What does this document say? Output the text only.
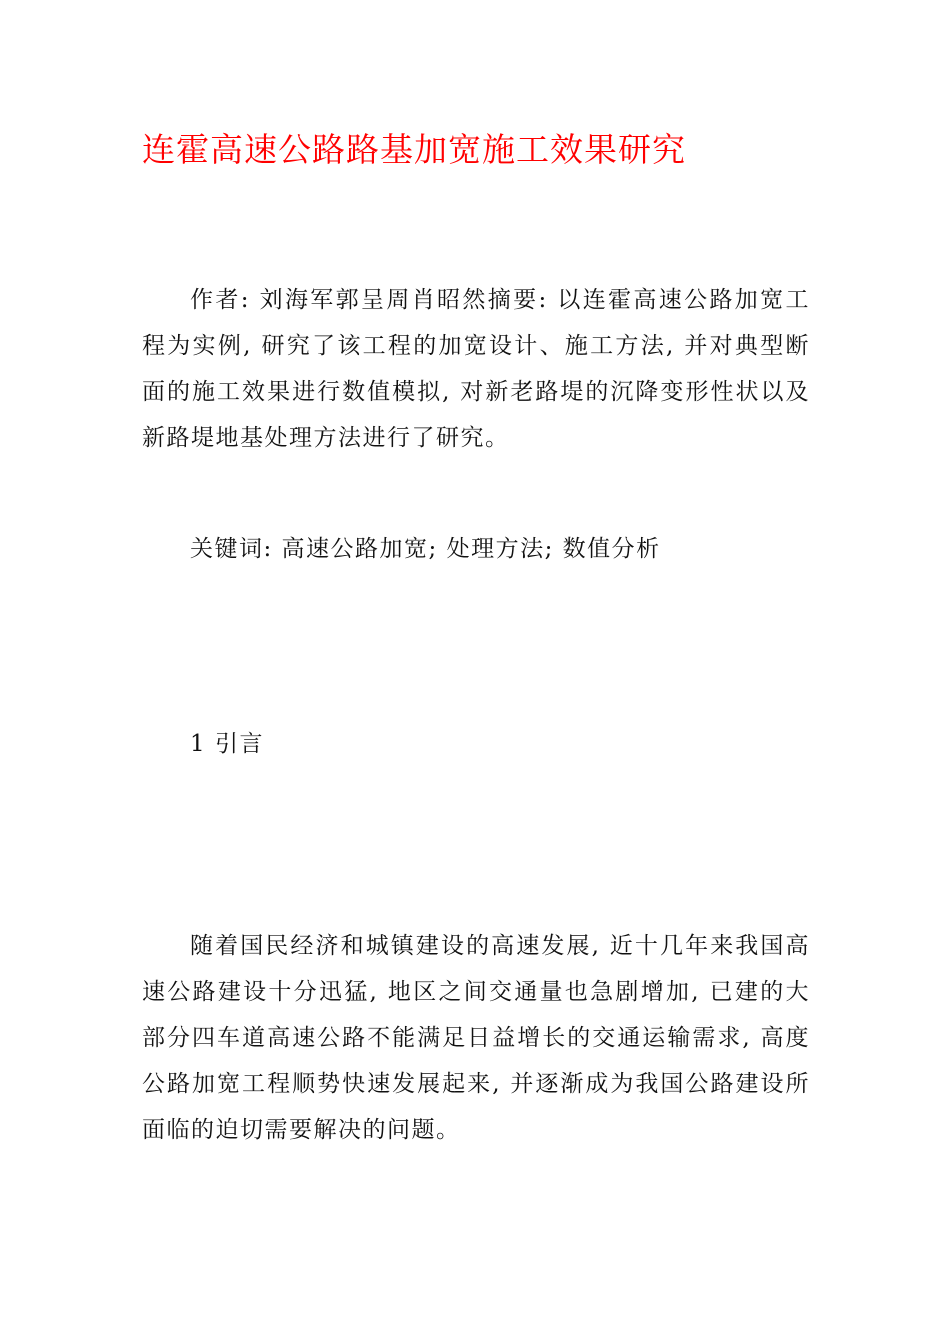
连霍高速公路路基加宽施工效果研究

作者: 刘海军郭呈周肖昭然摘要: 以连霍高速公路加宽工程为实例, 研究了该工程的加宽设计、施工方法, 并对典型断面的施工效果进行数值模拟, 对新老路堤的沉降变形性状以及新路堤地基处理方法进行了研究。

关键词: 高速公路加宽; 处理方法; 数值分析

1 引言

随着国民经济和城镇建设的高速发展, 近十几年来我国高速公路建设十分迅猛, 地区之间交通量也急剧增加, 已建的大部分四车道高速公路不能满足日益增长的交通运输需求, 高度公路加宽工程顺势快速发展起来, 并逐渐成为我国公路建设所面临的迫切需要解决的问题。
